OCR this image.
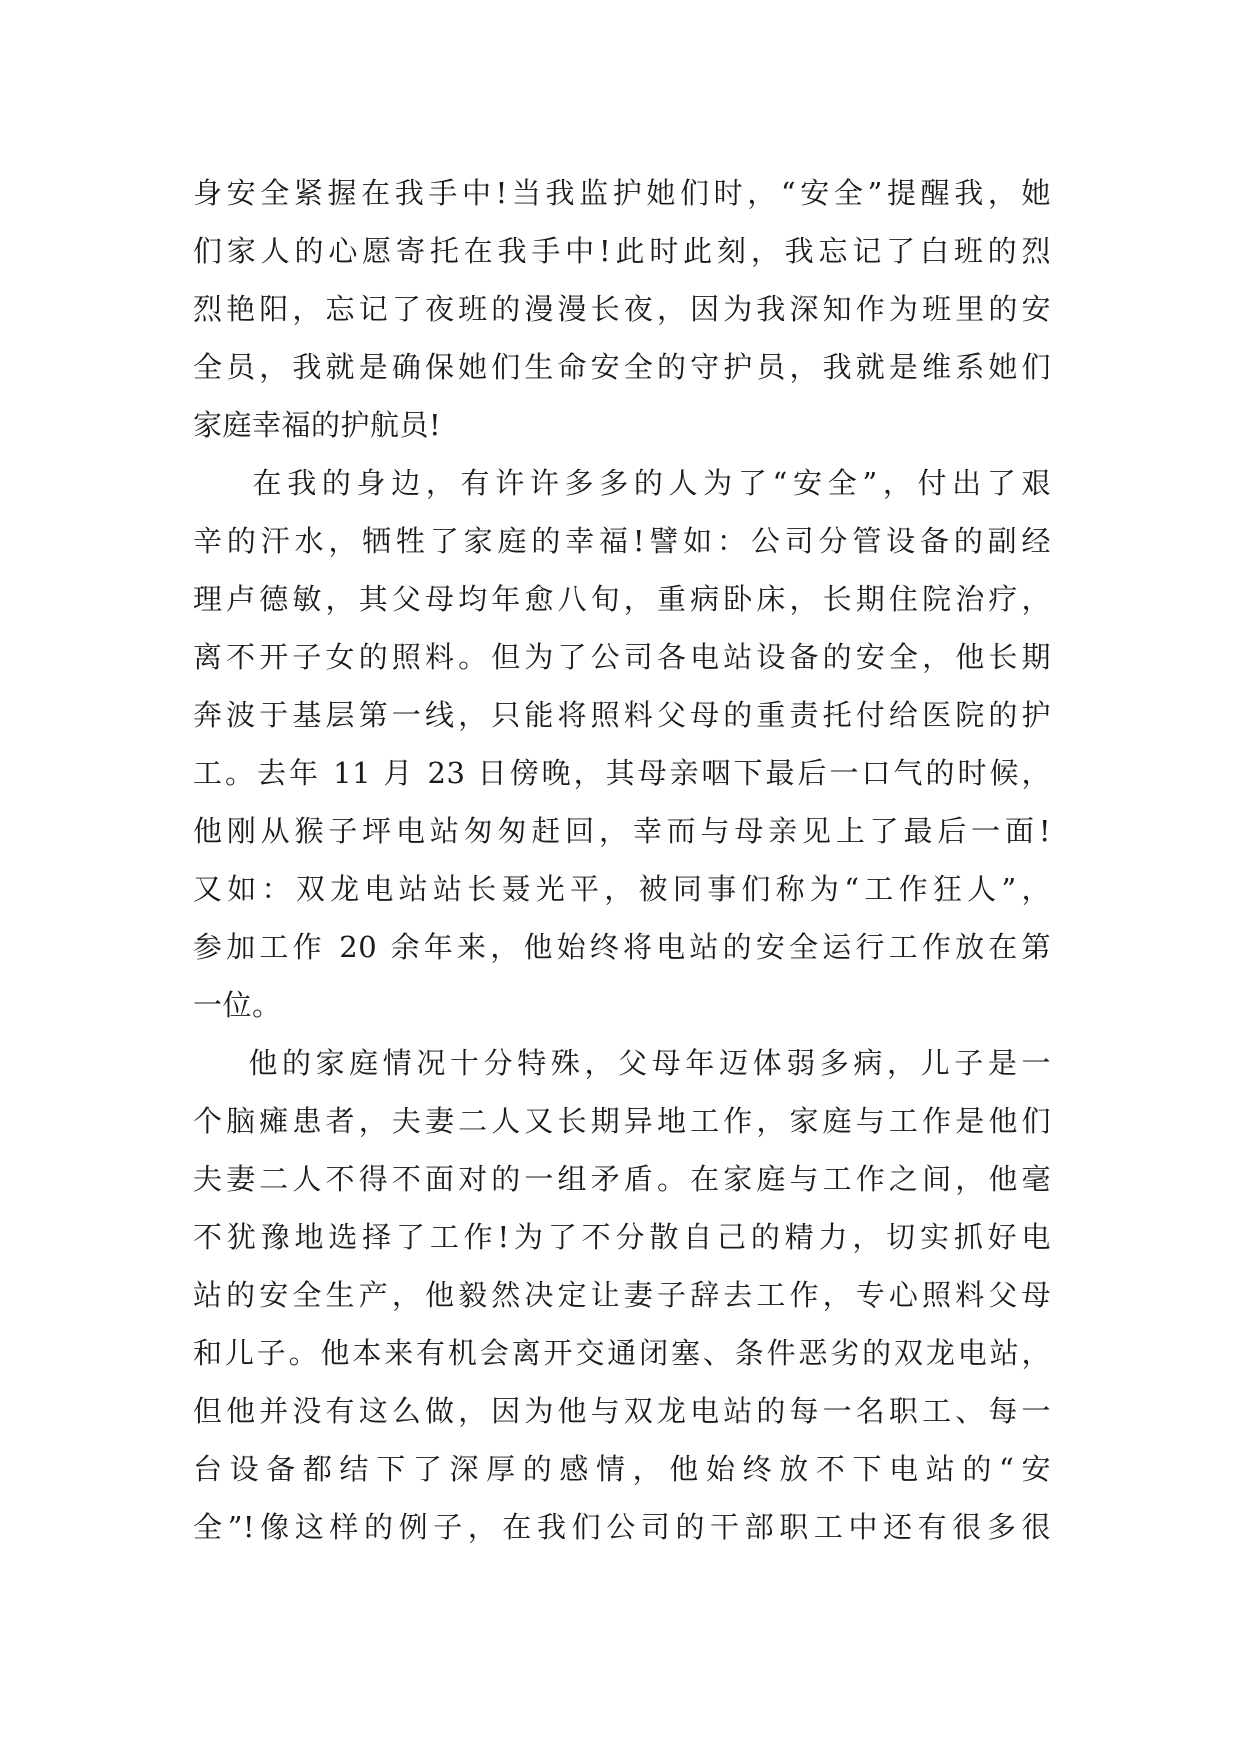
身安全紧握在我手中!当我监护她们时，“安全”提醒我，她
们家人的心愿寄托在我手中!此时此刻，我忘记了白班的烈
烈艳阳，忘记了夜班的漫漫长夜，因为我深知作为班里的安
全员，我就是确保她们生命安全的守护员，我就是维系她们
家庭幸福的护航员!
在我的身边，有许许多多的人为了“安全”，付出了艰
辛的汗水，牺牲了家庭的幸福!譬如：公司分管设备的副经
理卢德敏，其父母均年愈八旬，重病卧床，长期住院治疗，
离不开子女的照料。但为了公司各电站设备的安全，他长期
奔波于基层第一线，只能将照料父母的重责托付给医院的护
工。去年 11 月 23 日傍晚，其母亲咽下最后一口气的时候，
他刚从猴子坪电站匆匆赶回，幸而与母亲见上了最后一面!
又如：双龙电站站长聂光平，被同事们称为“工作狂人”，
参加工作 20 余年来，他始终将电站的安全运行工作放在第
一位。
他的家庭情况十分特殊，父母年迈体弱多病，儿子是一
个脑瘫患者，夫妻二人又长期异地工作，家庭与工作是他们
夫妻二人不得不面对的一组矛盾。在家庭与工作之间，他毫
不犹豫地选择了工作!为了不分散自己的精力，切实抓好电
站的安全生产，他毅然决定让妻子辞去工作，专心照料父母
和儿子。他本来有机会离开交通闭塞、条件恶劣的双龙电站，
但他并没有这么做，因为他与双龙电站的每一名职工、每一
台设备都结下了深厚的感情，他始终放不下电站的“安
全”!像这样的例子，在我们公司的干部职工中还有很多很
